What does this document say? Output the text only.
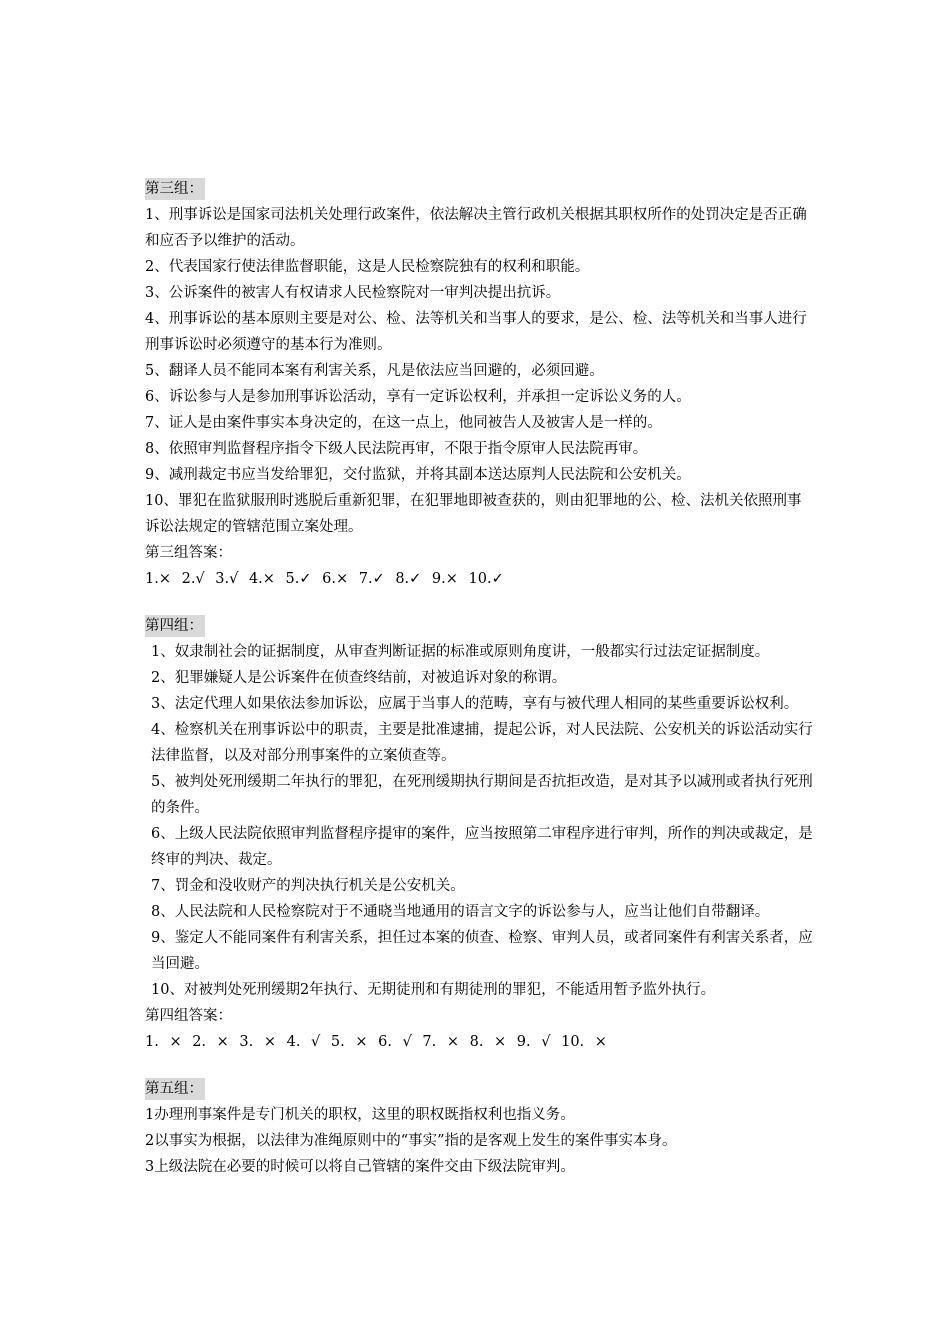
第三组：
1、刑事诉讼是国家司法机关处理行政案件，依法解决主管行政机关根据其职权所作的处罚决定是否正确和应否予以维护的活动。
2、代表国家行使法律监督职能，这是人民检察院独有的权利和职能。
3、公诉案件的被害人有权请求人民检察院对一审判决提出抗诉。
4、刑事诉讼的基本原则主要是对公、检、法等机关和当事人的要求，是公、检、法等机关和当事人进行刑事诉讼时必须遵守的基本行为准则。
5、翻译人员不能同本案有利害关系，凡是依法应当回避的，必须回避。
6、诉讼参与人是参加刑事诉讼活动，享有一定诉讼权利，并承担一定诉讼义务的人。
7、证人是由案件事实本身决定的，在这一点上，他同被告人及被害人是一样的。
8、依照审判监督程序指令下级人民法院再审，不限于指令原审人民法院再审。
9、减刑裁定书应当发给罪犯，交付监狱，并将其副本送达原判人民法院和公安机关。
10、罪犯在监狱服刑时逃脱后重新犯罪，在犯罪地即被查获的，则由犯罪地的公、检、法机关依照刑事诉讼法规定的管辖范围立案处理。
第三组答案：
1.× 2.√ 3.√ 4.× 5.✓ 6.× 7.✓ 8.✓ 9.× 10.✓
第四组：
1、奴隶制社会的证据制度，从审查判断证据的标准或原则角度讲，一般都实行过法定证据制度。
2、犯罪嫌疑人是公诉案件在侦查终结前，对被追诉对象的称谓。
3、法定代理人如果依法参加诉讼，应属于当事人的范畴，享有与被代理人相同的某些重要诉讼权利。
4、检察机关在刑事诉讼中的职责，主要是批准逮捕，提起公诉，对人民法院、公安机关的诉讼活动实行法律监督，以及对部分刑事案件的立案侦查等。
5、被判处死刑缓期二年执行的罪犯，在死刑缓期执行期间是否抗拒改造，是对其予以减刑或者执行死刑的条件。
6、上级人民法院依照审判监督程序提审的案件，应当按照第二审程序进行审判，所作的判决或裁定，是终审的判决、裁定。
7、罚金和没收财产的判决执行机关是公安机关。
8、人民法院和人民检察院对于不通晓当地通用的语言文字的诉讼参与人，应当让他们自带翻译。
9、鉴定人不能同案件有利害关系，担任过本案的侦查、检察、审判人员，或者同案件有利害关系者，应当回避。
10、对被判处死刑缓期2年执行、无期徒刑和有期徒刑的罪犯，不能适用暂予监外执行。
第四组答案：
1. × 2. × 3. × 4. √ 5. × 6. √ 7. × 8. × 9. √ 10. ×
第五组：
1办理刑事案件是专门机关的职权，这里的职权既指权利也指义务。
2以事实为根据，以法律为准绳原则中的“事实”指的是客观上发生的案件事实本身。
3上级法院在必要的时候可以将自己管辖的案件交由下级法院审判。
